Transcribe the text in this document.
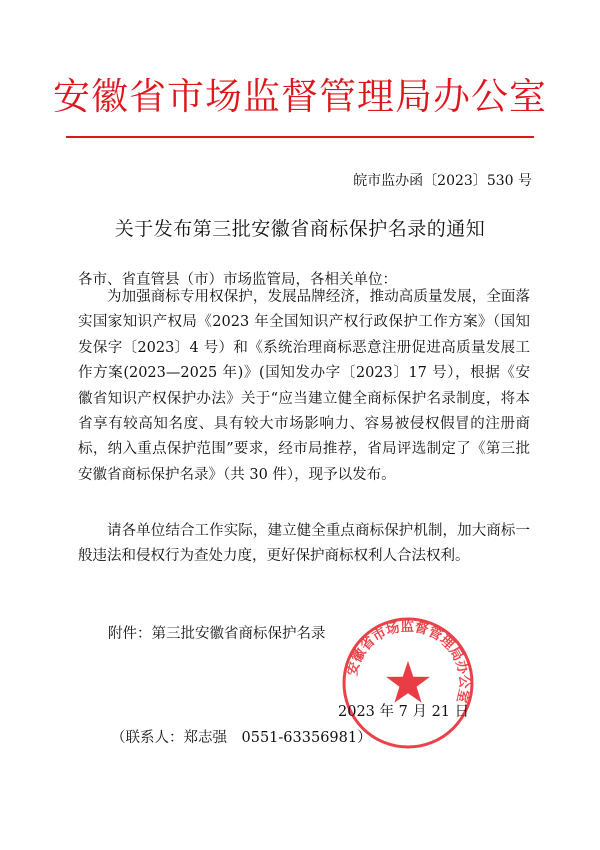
安徽省市场监督管理局办公室
皖市监办函〔2023〕530 号
关于发布第三批安徽省商标保护名录的通知
各市、省直管县（市）市场监管局，各相关单位：

为加强商标专用权保护，发展品牌经济，推动高质量发展，全面落实国家知识产权局《2023 年全国知识产权行政保护工作方案》（国知发保字〔2023〕4 号）和《系统治理商标恶意注册促进高质量发展工作方案(2023—2025 年)》(国知发办字〔2023〕17 号），根据《安徽省知识产权保护办法》关于“应当建立健全商标保护名录制度，将本省享有较高知名度、具有较大市场影响力、容易被侵权假冒的注册商标，纳入重点保护范围”要求，经市局推荐，省局评选制定了《第三批安徽省商标保护名录》（共 30 件），现予以发布。

请各单位结合工作实际，建立健全重点商标保护机制，加大商标一般违法和侵权行为查处力度，更好保护商标权利人合法权利。

附件：第三批安徽省商标保护名录
安徽省市场监督管理局办公室
2023 年 7 月 21 日
（联系人：郑志强　0551-63356981）
